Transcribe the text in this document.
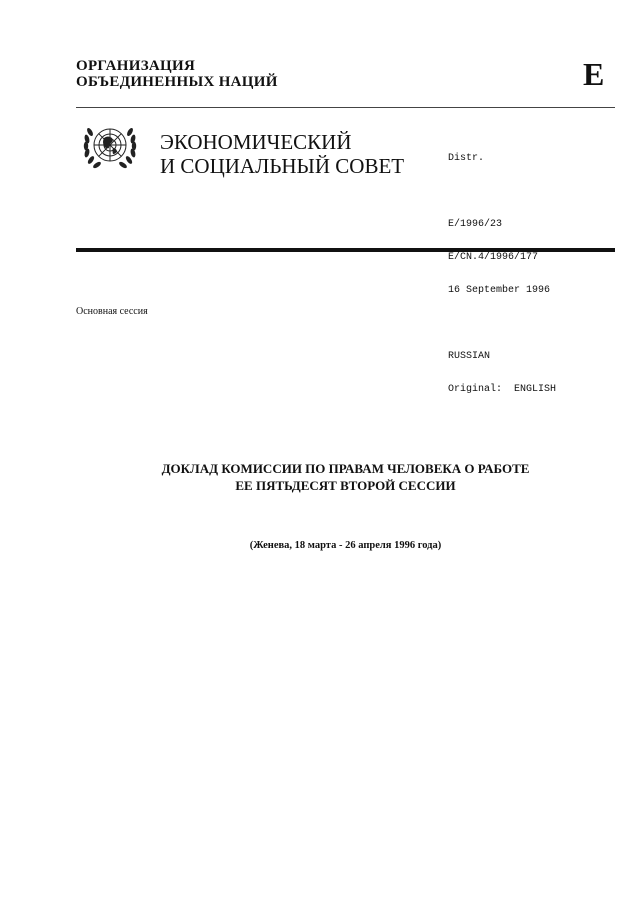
ОРГАНИЗАЦИЯ
ОБЪЕДИНЕННЫХ НАЦИЙ	E
ЭКОНОМИЧЕСКИЙ
И СОЦИАЛЬНЫЙ СОВЕТ

	Distr.

E/1996/23

E/CN.4/1996/177

16 September 1996

RUSSIAN

Original:  ENGLISH

Основная сессия
ДОКЛАД КОМИССИИ ПО ПРАВАМ ЧЕЛОВЕКА О РАБОТЕ
ЕЕ ПЯТЬДЕСЯТ ВТОРОЙ СЕССИИ
(Женева, 18 марта - 26 апреля 1996 года)
